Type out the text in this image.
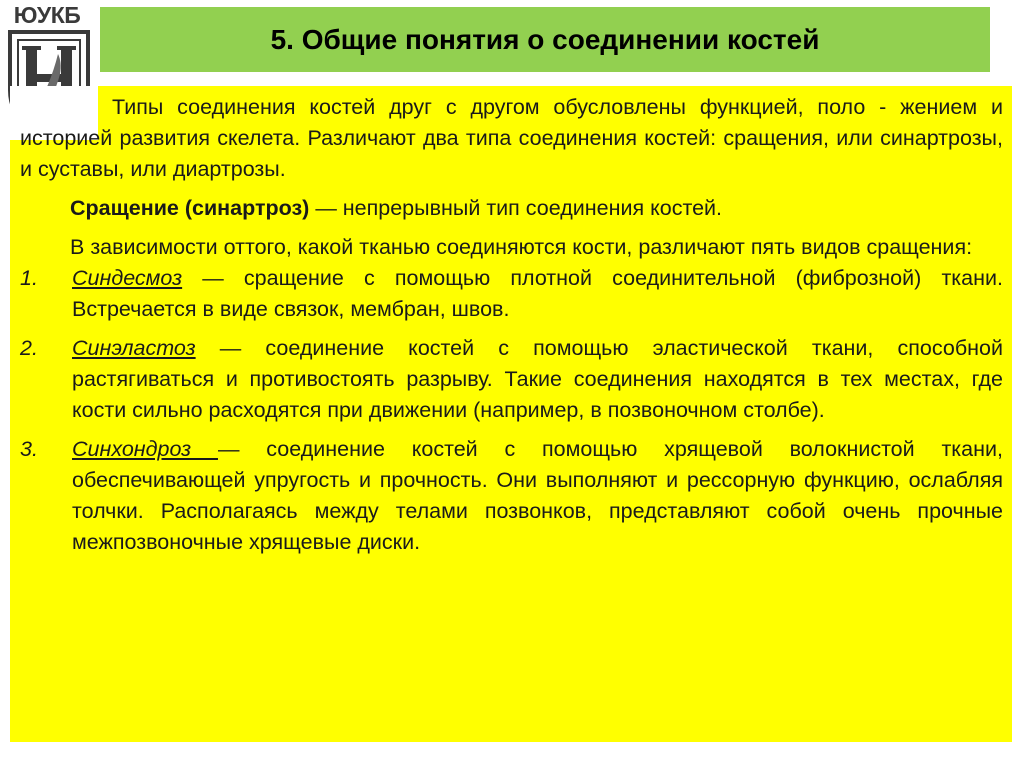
ЮУКБ
5. Общие понятия о соединении костей

Типы соединения костей друг с другом обусловлены функцией, поло - жением и историей развития скелета. Различают два типа соединения костей: сращения, или синартрозы, и суставы, или диартрозы.

Сращение (синартроз) — непрерывный тип соединения костей.

В зависимости оттого, какой тканью соединяются кости, различают пять видов сращения:

1. Синдесмоз — сращение с помощью плотной соединительной (фиброзной) ткани. Встречается в виде связок, мембран, швов.
2. Синэластоз — соединение костей с помощью эластической ткани, способной растягиваться и противостоять разрыву. Такие соединения находятся в тех местах, где кости сильно расходятся при движении (например, в позвоночном столбе).
3. Синхондроз — соединение костей с помощью хрящевой волокнистой ткани, обеспечивающей упругость и прочность. Они выполняют и рессорную функцию, ослабляя толчки. Располагаясь между телами позвонков, представляют собой очень прочные межпозвоночные хрящевые диски.
